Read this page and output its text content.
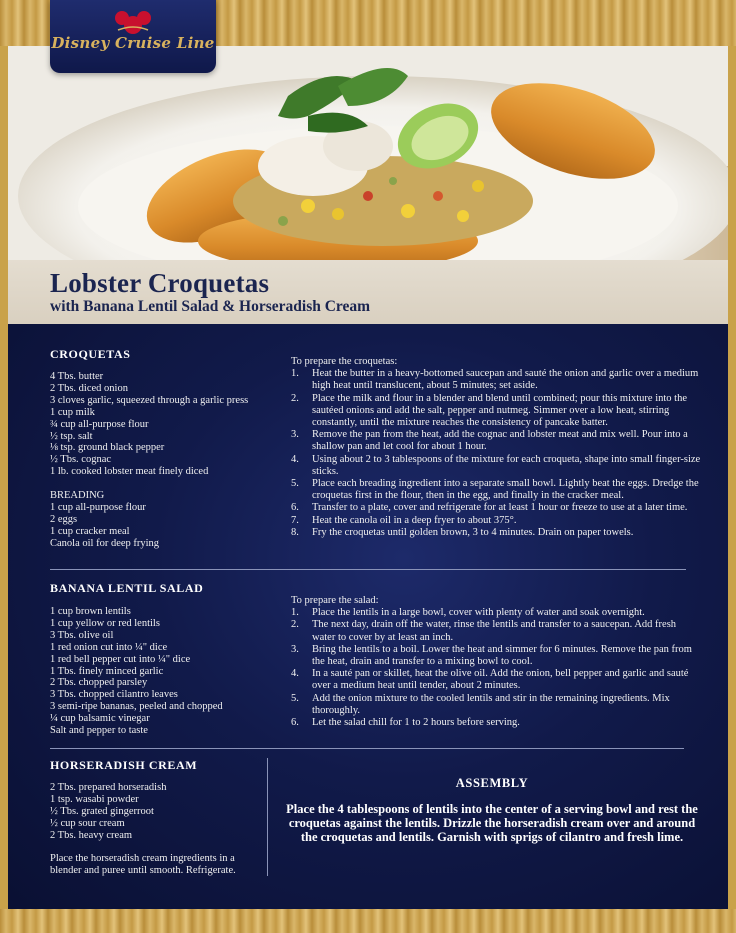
Disney Cruise Line
Lobster Croquetas
with Banana Lentil Salad & Horseradish Cream
CROQUETAS
4 Tbs. butter
2 Tbs. diced onion
3 cloves garlic, squeezed through a garlic press
1 cup milk
¾ cup all-purpose flour
½ tsp. salt
⅛ tsp. ground black pepper
½ Tbs. cognac
1 lb. cooked lobster meat finely diced
BREADING
1 cup all-purpose flour
2 eggs
1 cup cracker meal
Canola oil for deep frying
To prepare the croquetas:
1.	Heat the butter in a heavy-bottomed saucepan and sauté the onion and garlic over a medium high heat until translucent, about 5 minutes; set aside.
2.	Place the milk and flour in a blender and blend until combined; pour this mixture into the sautéed onions and add the salt, pepper and nutmeg. Simmer over a low heat, stirring constantly, until the mixture reaches the consistency of pancake batter.
3.	Remove the pan from the heat, add the cognac and lobster meat and mix well. Pour into a shallow pan and let cool for about 1 hour.
4.	Using about 2 to 3 tablespoons of the mixture for each croqueta, shape into small finger-size sticks.
5.	Place each breading ingredient into a separate small bowl. Lightly beat the eggs. Dredge the croquetas first in the flour, then in the egg, and finally in the cracker meal.
6.	Transfer to a plate, cover and refrigerate for at least 1 hour or freeze to use at a later time.
7.	Heat the canola oil in a deep fryer to about 375°.
8.	Fry the croquetas until golden brown, 3 to 4 minutes. Drain on paper towels.
BANANA LENTIL SALAD
1 cup brown lentils
1 cup yellow or red lentils
3 Tbs. olive oil
1 red onion cut into ¼" dice
1 red bell pepper cut into ¼" dice
1 Tbs. finely minced garlic
2 Tbs. chopped parsley
3 Tbs. chopped cilantro leaves
3 semi-ripe bananas, peeled and chopped
¼ cup balsamic vinegar
Salt and pepper to taste
To prepare the salad:
1.	Place the lentils in a large bowl, cover with plenty of water and soak overnight.
2.	The next day, drain off the water, rinse the lentils and transfer to a saucepan. Add fresh water to cover by at least an inch.
3.	Bring the lentils to a boil. Lower the heat and simmer for 6 minutes. Remove the pan from the heat, drain and transfer to a mixing bowl to cool.
4.	In a sauté pan or skillet, heat the olive oil. Add the onion, bell pepper and garlic and sauté over a medium heat until tender, about 2 minutes.
5.	Add the onion mixture to the cooled lentils and stir in the remaining ingredients. Mix thoroughly.
6.	Let the salad chill for 1 to 2 hours before serving.
HORSERADISH CREAM
2 Tbs. prepared horseradish
1 tsp. wasabi powder
½ Tbs. grated gingerroot
½ cup sour cream
2 Tbs. heavy cream
Place the horseradish cream ingredients in a blender and puree until smooth. Refrigerate.
ASSEMBLY
Place the 4 tablespoons of lentils into the center of a serving bowl and rest the croquetas against the lentils. Drizzle the horseradish cream over and around the croquetas and lentils. Garnish with sprigs of cilantro and fresh lime.
